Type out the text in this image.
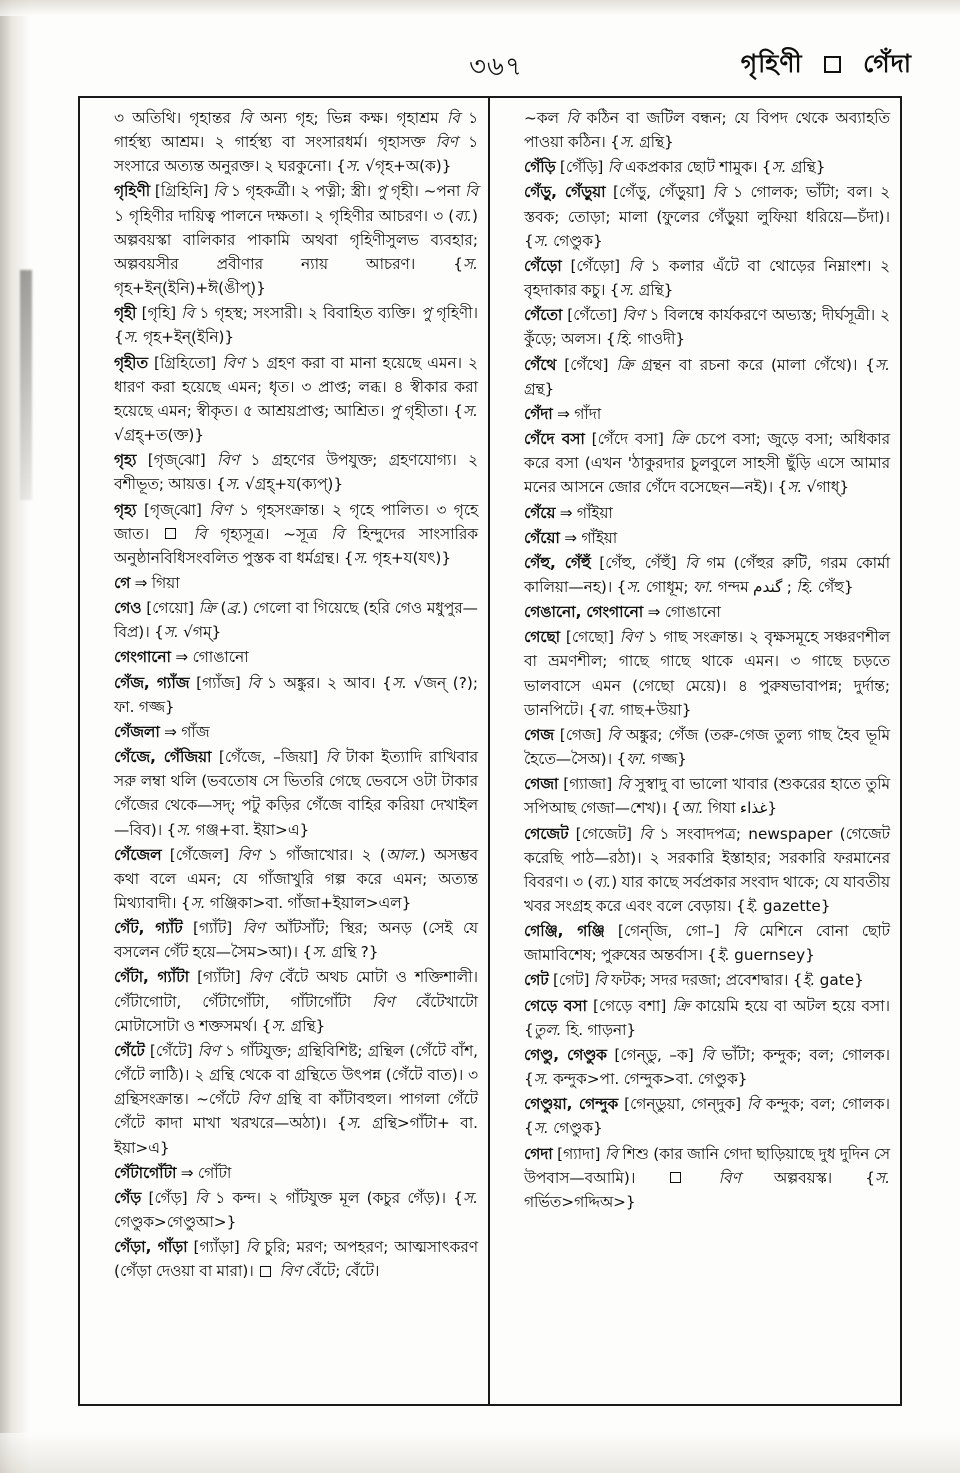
৩৬৭	গৃহিণী গেঁদা

৩ অতিথি। গৃহান্তর বি অন্য গৃহ; ভিন্ন কক্ষ। গৃহাশ্রম বি ১ গার্হস্থ্য আশ্রম। ২ গার্হস্থ্য বা সংসারধর্ম। গৃহাসক্ত বিণ ১ সংসারে অত্যন্ত অনুরক্ত। ২ ঘরকুনো। {স. √গৃহ+অ(ক)}

গৃহিণী [গ্রিহিনি] বি ১ গৃহকর্ত্রী। ২ পত্নী; স্ত্রী। পু গৃহী। ~পনা বি ১ গৃহিণীর দায়িত্ব পালনে দক্ষতা। ২ গৃহিণীর আচরণ। ৩ (ব্য.) অল্পবয়স্কা বালিকার পাকামি অথবা গৃহিণীসুলভ ব্যবহার; অল্পবয়সীর প্রবীণার ন্যায় আচরণ। {স. গৃহ+ইন্(ইনি)+ঈ(ঙীপ্)}

গৃহী [গৃহি] বি ১ গৃহস্থ; সংসারী। ২ বিবাহিত ব্যক্তি। পু গৃহিণী। {স. গৃহ+ইন্(ইনি)}

গৃহীত [গ্রিহিতো] বিণ ১ গ্রহণ করা বা মানা হয়েছে এমন। ২ ধারণ করা হয়েছে এমন; ধৃত। ৩ প্রাপ্ত; লব্ধ। ৪ স্বীকার করা হয়েছে এমন; স্বীকৃত। ৫ আশ্রয়প্রাপ্ত; আশ্রিত। পু গৃহীতা। {স. √গ্রহ্+ত(ক্ত)}

গৃহ্য [গৃজ্‌ঝো] বিণ ১ গ্রহণের উপযুক্ত; গ্রহণযোগ্য। ২ বশীভূত; আয়ত্ত। {স. √গ্রহ্+য(ক্যপ্)}

গৃহ্য [গৃজ্‌ঝো] বিণ ১ গৃহসংক্রান্ত। ২ গৃহে পালিত। ৩ গৃহে জাত।  বি গৃহ্যসূত্র। ~সূত্র বি হিন্দুদের সাংসারিক অনুষ্ঠানবিধিসংবলিত পুস্তক বা ধর্মগ্রন্থ। {স. গৃহ+য(যৎ)}

গে ⇒ গিয়া

গেও [গেয়ো] ক্রি (ব্র.) গেলো বা গিয়েছে (হরি গেও মধুপুর—বিপ্র)। {স. √গম্}

গেংগানো ⇒ গোঙানো

গেঁজ, গ্যাঁজ [গ্যাঁজ] বি ১ অঙ্কুর। ২ আব। {স. √জন্ (?); ফা. গজ্জ}

গেঁজলা ⇒ গাঁজ

গেঁজে, গেঁজিয়া [গেঁজে, –জিয়া] বি টাকা ইত্যাদি রাখিবার সরু লম্বা থলি (ভবতোষ সে ভিতরি গেছে ভেবসে ওটা টাকার গেঁজের থেকে—সদ্‌; পটু কড়ির গেঁজে বাহির করিয়া দেখাইল—বিব)। {স. গঞ্জ+বা. ইয়া>এ}

গেঁজেল [গেঁজেল] বিণ ১ গাঁজাখোর। ২ (আল.) অসম্ভব কথা বলে এমন; যে গাঁজাখুরি গল্প করে এমন; অত্যন্ত মিথ্যাবাদী। {স. গঞ্জিকা>বা. গাঁজা+ইয়াল>এল}

গেঁট, গ্যাঁট [গ্যাঁট] বিণ আঁটসাঁট; স্থির; অনড় (সেই যে বসলেন গেঁট হয়ে—সৈম>আ)। {স. গ্রন্থি ?}

গেঁটা, গ্যাঁটা [গ্যাঁটা] বিণ বেঁটে অথচ মোটা ও শক্তিশালী। গেঁটাগোটা, গেঁটাগোঁটা, গাঁটাগোঁটা বিণ বেঁটেখাটো মোটাসোটা ও শক্তসমর্থ। {স. গ্রন্থি}

গেঁটে [গেঁটে] বিণ ১ গাঁটযুক্ত; গ্রন্থিবিশিষ্ট; গ্রন্থিল (গেঁটে বাঁশ, গেঁটে লাঠি)। ২ গ্রন্থি থেকে বা গ্রন্থিতে উৎপন্ন (গেঁটে বাত)। ৩ গ্রন্থিসংক্রান্ত। ~গেঁটে বিণ গ্রন্থি বা কাঁটাবহুল। পাগলা গেঁটে গেঁটে কাদা মাখা খরখরে—অঠা)। {স. গ্রন্থি>গাঁটা+ বা. ইয়া>এ}

গেঁটাগোঁটা ⇒ গোঁটা

গেঁড় [গেঁড়] বি ১ কন্দ। ২ গাঁটযুক্ত মূল (কচুর গেঁড়)। {স. গেণ্ডুক>গেণ্ডুআ>}

গেঁড়া, গাঁড়া [গ্যাঁড়া] বি চুরি; মরণ; অপহরণ; আত্মসাৎকরণ (গেঁড়া দেওয়া বা মারা)।  বিণ বেঁটে; বেঁটে।

~কল বি কঠিন বা জটিল বন্ধন; যে বিপদ থেকে অব্যাহতি পাওয়া কঠিন। {স. গ্রন্থি}

গেঁড়ি [গেঁড়ি] বি একপ্রকার ছোট শামুক। {স. গ্রন্থি}

গেঁড়ু, গেঁড়ুয়া [গেঁড়ু, গেঁড়ুয়া] বি ১ গোলক; ভাঁটা; বল। ২ স্তবক; তোড়া; মালা (ফুলের গেঁড়ুয়া লুফিয়া ধরিয়ে—চঁদা)। {স. গেণ্ডুক}

গেঁড়ো [গেঁড়ো] বি ১ কলার এঁটে বা থোড়ের নিম্নাংশ। ২ বৃহদাকার কচু। {স. গ্রন্থি}

গেঁতো [গেঁতো] বিণ ১ বিলম্বে কার্যকরণে অভ্যস্ত; দীর্ঘসূত্রী। ২ কুঁড়ে; অলস। {হি. গাওদী}

গেঁথে [গেঁথে] ক্রি গ্রন্থন বা রচনা করে (মালা গেঁথে)। {স. গ্রন্থ}

গেঁদা ⇒ গাঁদা

গেঁদে বসা [গেঁদে বসা] ক্রি চেপে বসা; জুড়ে বসা; অধিকার করে বসা (এখন 'ঠাকুরদার চুলবুলে সাহসী ছুঁড়ি এসে আমার মনের আসনে জোর গেঁদে বসেছেন—নই)। {স. √গাধ্}

গেঁয়ে ⇒ গাঁইয়া

গেঁয়ো ⇒ গাঁইয়া

গেঁহু, গেঁহুঁ [গেঁহু, গেঁহুঁ] বি গম (গেঁহুর রুটি, গরম কোর্মা কালিয়া—নহ)। {স. গোধূম; ফা. গন্দম گندم ; হি. গেঁহু}

গেঙানো, গেংগানো ⇒ গোঙানো

গেছো [গেছো] বিণ ১ গাছ সংক্রান্ত। ২ বৃক্ষসমূহে সঞ্চরণশীল বা ভ্রমণশীল; গাছে গাছে থাকে এমন। ৩ গাছে চড়তে ভালবাসে এমন (গেছো মেয়ে)। ৪ পুরুষভাবাপন্ন; দুর্দান্ত; ডানপিটে। {বা. গাছ+উয়া}

গেজ [গেজ] বি অঙ্কুর; গেঁজ (তরু-গেজ তুল্য গাছ হৈব ভূমি হৈতে—সৈঅ)। {ফা. গজ্জ}

গেজা [গ্যাজা] বি সুস্বাদু বা ভালো খাবার (শুকরের হাতে তুমি সপিআছ গেজা—শেখ)। {আ. গিযা غذاء}

গেজেট [গেজেট] বি ১ সংবাদপত্র; newspaper (গেজেট করেছি পাঠ—রঠা)। ২ সরকারি ইস্তাহার; সরকারি ফরমানের বিবরণ। ৩ (ব্য.) যার কাছে সর্বপ্রকার সংবাদ থাকে; যে যাবতীয় খবর সংগ্রহ করে এবং বলে বেড়ায়। {ই. gazette}

গেঞ্জি, গঞ্জি [গেন্‌জি, গো–] বি মেশিনে বোনা ছোট জামাবিশেষ; পুরুষের অন্তর্বাস। {ই. guernsey}

গেট [গেট] বি ফটক; সদর দরজা; প্রবেশদ্বার। {ই. gate}

গেড়ে বসা [গেড়ে বশা] ক্রি কায়েমি হয়ে বা অটল হয়ে বসা। {তুল. হি. গাড়না}

গেণ্ডু, গেণ্ডুক [গেন্‌ডু, –ক] বি ভাঁটা; কন্দুক; বল; গোলক। {স. কন্দুক>পা. গেন্দুক>বা. গেণ্ডুক}

গেণ্ডুয়া, গেন্দুক [গেন্‌ডুয়া, গেন্‌দুক] বি কন্দুক; বল; গোলক। {স. গেণ্ডুক}

গেদা [গ্যাদা] বি শিশু (কার জানি গেদা ছাড়িয়াছে দুধ দুদিন সে উপবাস—বআমি)।	বিণ অল্পবয়স্ক। {স. গর্ভিত>গদ্দিঅ>}
